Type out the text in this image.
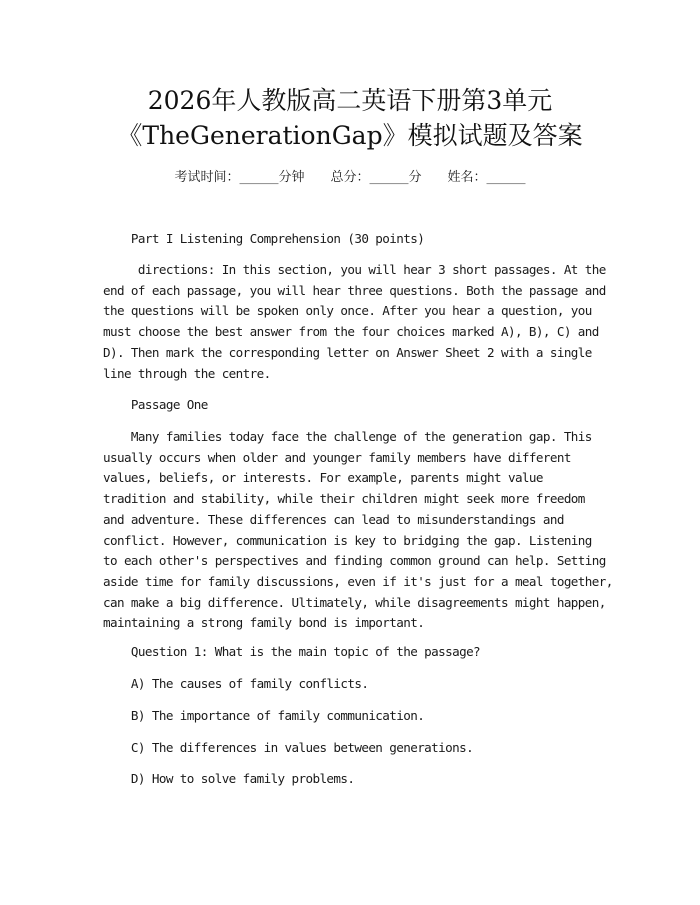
2026年人教版高二英语下册第3单元
《TheGenerationGap》模拟试题及答案
考试时间：______分钟 总分：______分 姓名：______
Part I Listening Comprehension (30 points)
directions: In this section, you will hear 3 short passages. At the
end of each passage, you will hear three questions. Both the passage and
the questions will be spoken only once. After you hear a question, you
must choose the best answer from the four choices marked A), B), C) and
D). Then mark the corresponding letter on Answer Sheet 2 with a single
line through the centre.
Passage One
Many families today face the challenge of the generation gap. This
usually occurs when older and younger family members have different
values, beliefs, or interests. For example, parents might value
tradition and stability, while their children might seek more freedom
and adventure. These differences can lead to misunderstandings and
conflict. However, communication is key to bridging the gap. Listening
to each other's perspectives and finding common ground can help. Setting
aside time for family discussions, even if it's just for a meal together,
can make a big difference. Ultimately, while disagreements might happen,
maintaining a strong family bond is important.
Question 1: What is the main topic of the passage?
A) The causes of family conflicts.
B) The importance of family communication.
C) The differences in values between generations.
D) How to solve family problems.
